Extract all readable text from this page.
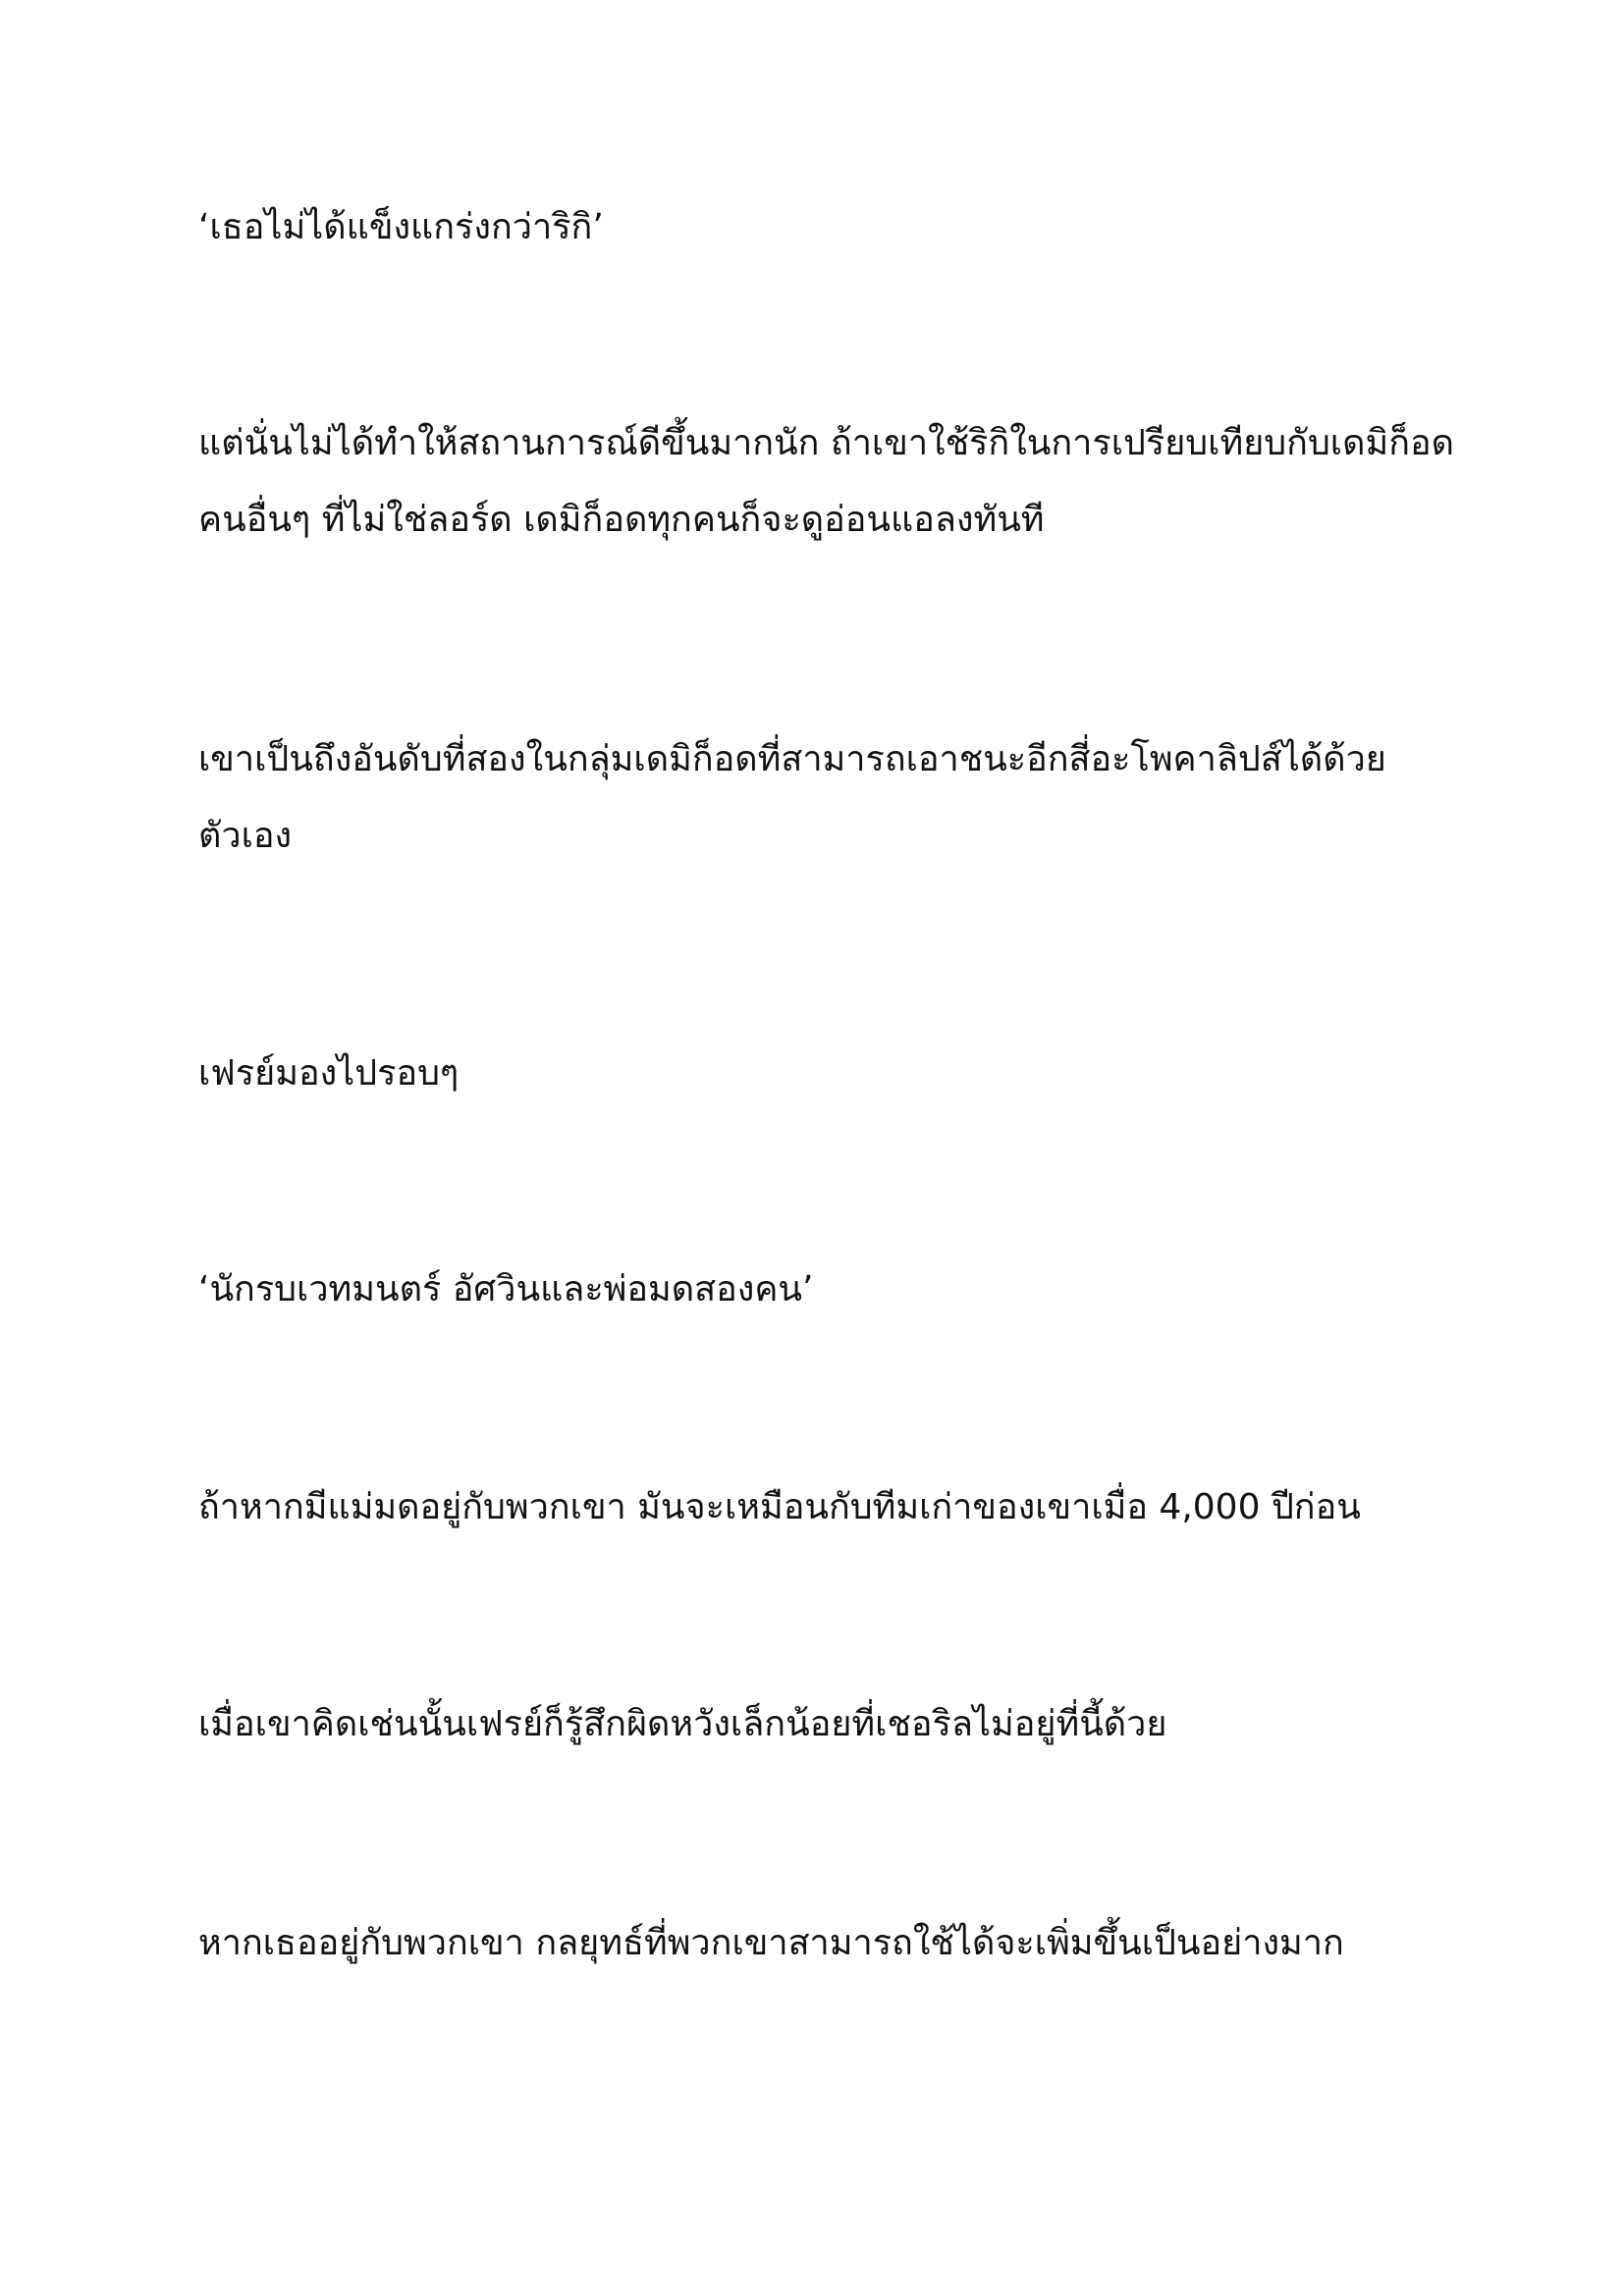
‘เธอไม่ได้แข็งแกร่งกว่าริกิ’

แต่นั่นไม่ได้ทำให้สถานการณ์ดีขึ้นมากนัก ถ้าเขาใช้ริกิในการเปรียบเทียบกับเดมิก็อด
คนอื่นๆ ที่ไม่ใช่ลอร์ด เดมิก็อดทุกคนก็จะดูอ่อนแอลงทันที

เขาเป็นถึงอันดับที่สองในกลุ่มเดมิก็อดที่สามารถเอาชนะอีกสี่อะโพคาลิปส์ได้ด้วย
ตัวเอง

เฟรย์มองไปรอบๆ

‘นักรบเวทมนตร์ อัศวินและพ่อมดสองคน’

ถ้าหากมีแม่มดอยู่กับพวกเขา มันจะเหมือนกับทีมเก่าของเขาเมื่อ 4,000 ปีก่อน

เมื่อเขาคิดเช่นนั้นเฟรย์ก็รู้สึกผิดหวังเล็กน้อยที่เชอริลไม่อยู่ที่นี้ด้วย

หากเธออยู่กับพวกเขา กลยุทธ์ที่พวกเขาสามารถใช้ได้จะเพิ่มขึ้นเป็นอย่างมาก
